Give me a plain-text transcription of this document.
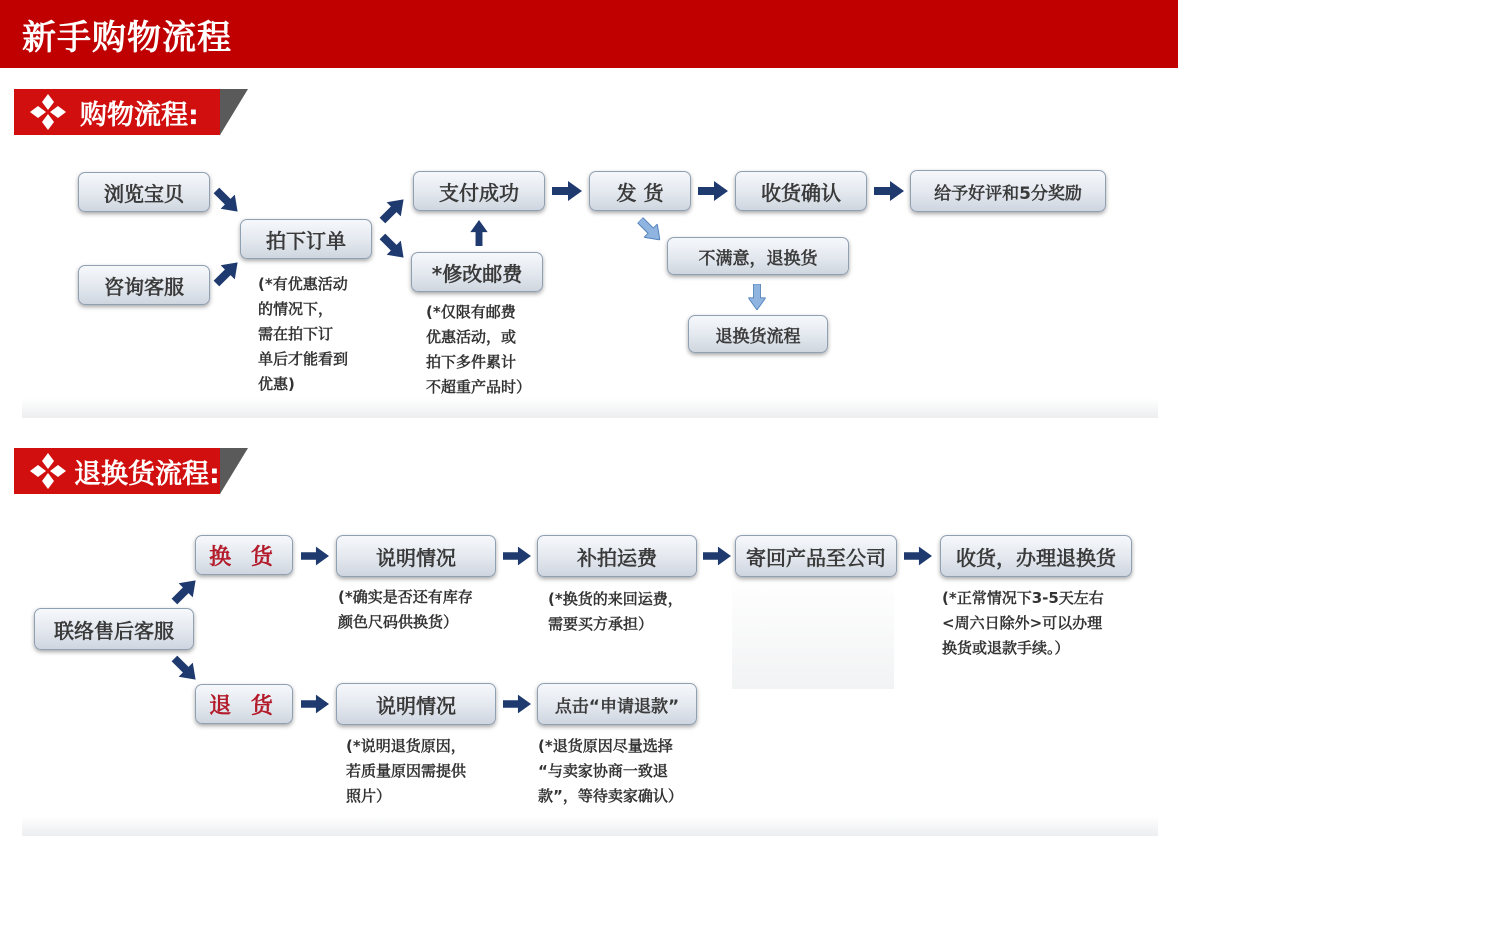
新手购物流程
购物流程:
浏览宝贝
咨询客服
拍下订单
支付成功
*修改邮费
发 货	收货确认	给予好评和5分奖励
不满意，退换货
退换货流程
(*有优惠活动
的情况下，
需在拍下订
单后才能看到
优惠)
(*仅限有邮费
优惠活动，或
拍下多件累计
不超重产品时）
退换货流程:
联络售后客服
换 货
退 货
说明情况	补拍运费	寄回产品至公司	收货，办理退换货
说明情况	点击“申请退款”
(*确实是否还有库存
颜色尺码供换货）
(*换货的来回运费，
需要买方承担）
(*正常情况下3-5天左右
<周六日除外>可以办理
换货或退款手续。）
(*说明退货原因，
若质量原因需提供
照片）
(*退货原因尽量选择
“与卖家协商一致退
款”，等待卖家确认）
